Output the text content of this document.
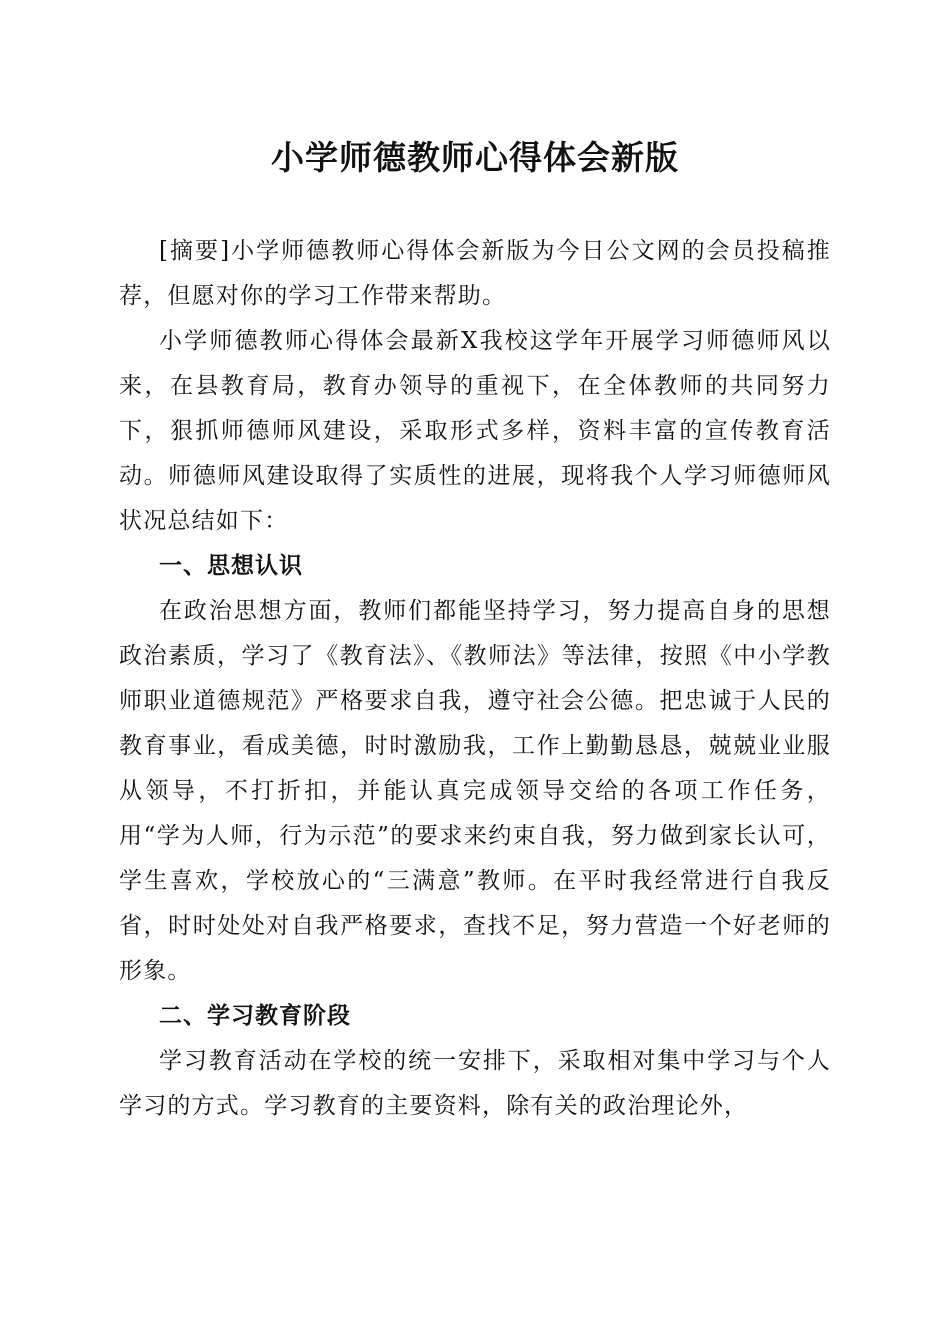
小学师德教师心得体会新版

[摘要]小学师德教师心得体会新版为今日公文网的会员投稿推荐，但愿对你的学习工作带来帮助。

小学师德教师心得体会最新X我校这学年开展学习师德师风以来，在县教育局，教育办领导的重视下，在全体教师的共同努力下，狠抓师德师风建设，采取形式多样，资料丰富的宣传教育活动。师德师风建设取得了实质性的进展，现将我个人学习师德师风状况总结如下：

一、思想认识

在政治思想方面，教师们都能坚持学习，努力提高自身的思想政治素质，学习了《教育法》、《教师法》等法律，按照《中小学教师职业道德规范》严格要求自我，遵守社会公德。把忠诚于人民的教育事业，看成美德，时时激励我，工作上勤勤恳恳，兢兢业业服从领导，不打折扣，并能认真完成领导交给的各项工作任务，用“学为人师，行为示范”的要求来约束自我，努力做到家长认可，学生喜欢，学校放心的“三满意”教师。在平时我经常进行自我反省，时时处处对自我严格要求，查找不足，努力营造一个好老师的形象。

二、学习教育阶段

学习教育活动在学校的统一安排下，采取相对集中学习与个人学习的方式。学习教育的主要资料，除有关的政治理论外，
